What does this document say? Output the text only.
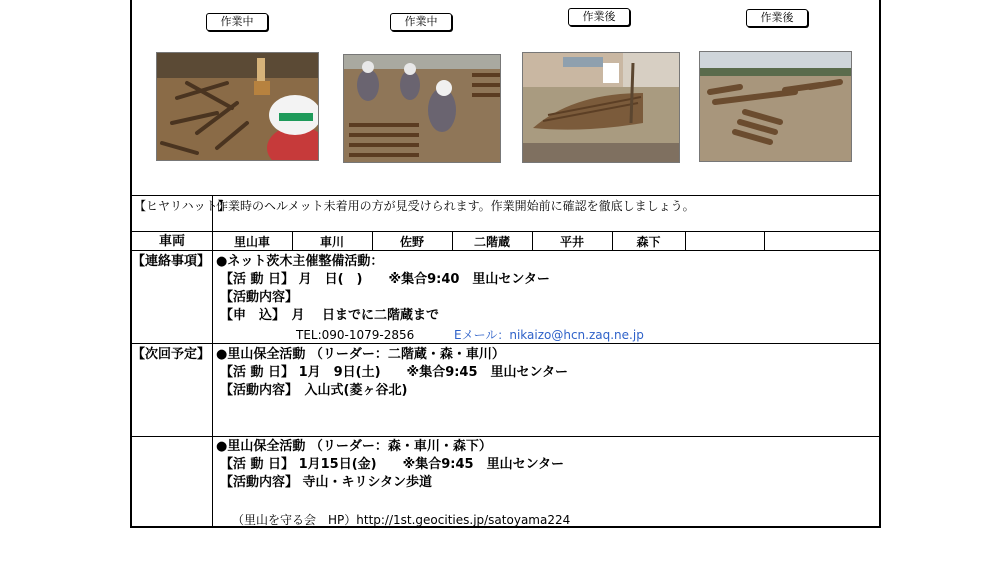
作業中	作業中	作業後	作業後
【ヒヤリハット】
作業時のヘルメット未着用の方が見受けられます。作業開始前に確認を徹底しましょう。
車両	里山車	車川	佐野	二階蔵	平井	森下
【連絡事項】 ●ネット茨木主催整備活動：
【活 動 日】 月　日(　)　　※集合9:40　里山センター
【活動内容】
【申　込】　月　 日までに二階蔵まで
TEL:090-1079-2856	Eメール：nikaizo@hcn.zaq.ne.jp
【次回予定】 ●里山保全活動 （リーダー：二階蔵・森・車川）
【活 動 日】 1月　9日(土)　　※集合9:45　里山センター
【活動内容】　入山式(菱ヶ谷北)
●里山保全活動 （リーダー：森・車川・森下）
【活 動 日】 1月15日(金)　　※集合9:45　里山センター
【活動内容】 寺山・キリシタン歩道
（里山を守る会　HP）http://1st.geocities.jp/satoyama224
